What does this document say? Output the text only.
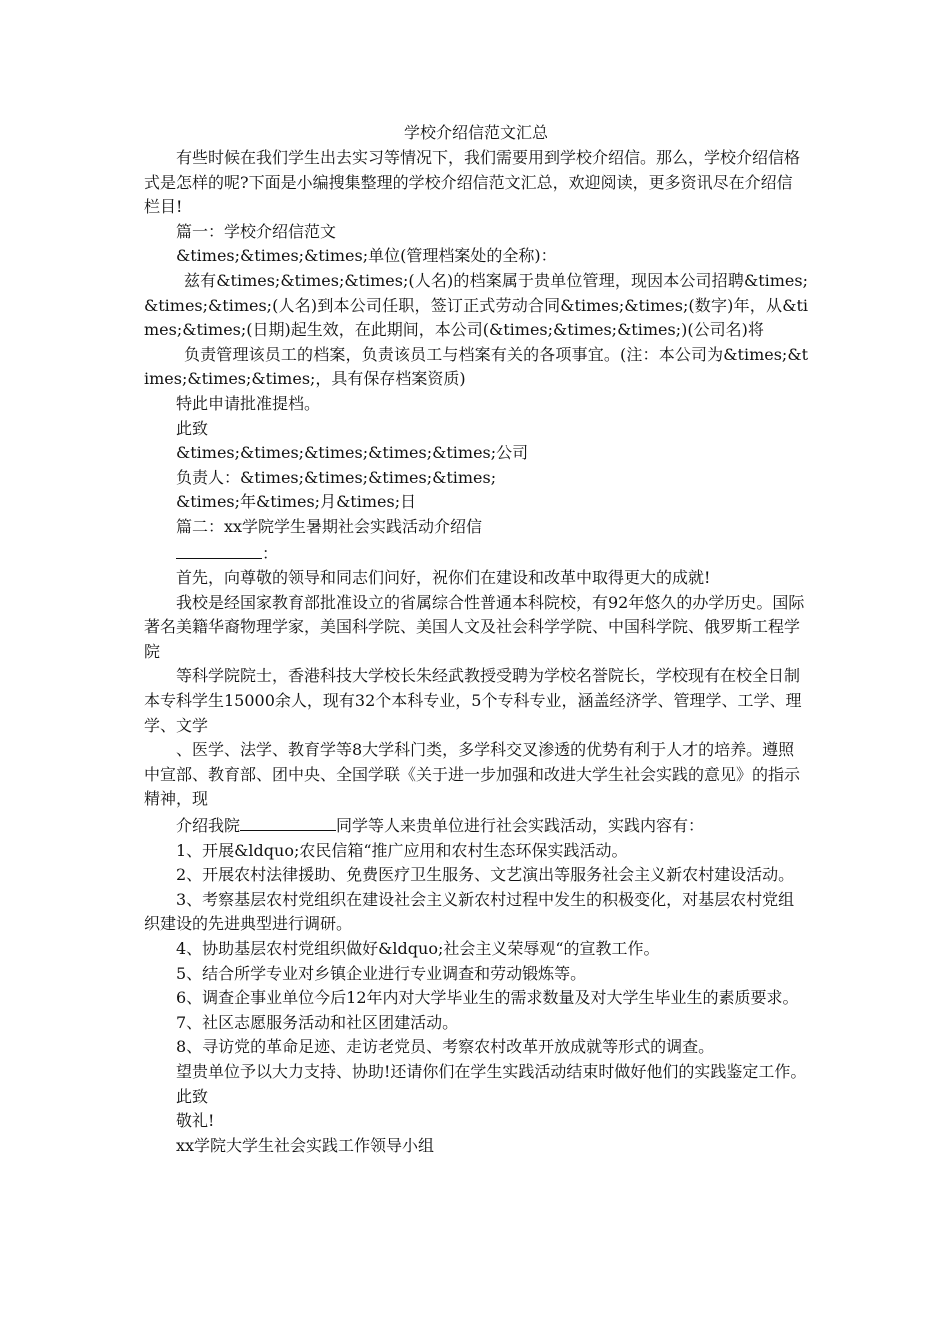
学校介绍信范文汇总

有些时候在我们学生出去实习等情况下，我们需要用到学校介绍信。那么，学校介绍信格式是怎样的呢?下面是小编搜集整理的学校介绍信范文汇总，欢迎阅读，更多资讯尽在介绍信栏目!

篇一：学校介绍信范文

&times;&times;&times;单位(管理档案处的全称)：

兹有&times;&times;&times;(人名)的档案属于贵单位管理，现因本公司招聘&times;&times;&times;(人名)到本公司任职，签订正式劳动合同&times;&times;(数字)年，从&times;&times;(日期)起生效，在此期间，本公司(&times;&times;&times;)(公司名)将

负责管理该员工的档案，负责该员工与档案有关的各项事宜。(注：本公司为&times;&times;&times;&times;，具有保存档案资质)

特此申请批准提档。

此致

&times;&times;&times;&times;&times;公司

负责人：&times;&times;&times;&times;

&times;年&times;月&times;日

篇二：xx学院学生暑期社会实践活动介绍信

：

首先，向尊敬的领导和同志们问好，祝你们在建设和改革中取得更大的成就!

我校是经国家教育部批准设立的省属综合性普通本科院校，有92年悠久的办学历史。国际著名美籍华裔物理学家，美国科学院、美国人文及社会科学学院、中国科学院、俄罗斯工程学院

等科学院院士，香港科技大学校长朱经武教授受聘为学校名誉院长，学校现有在校全日制本专科学生15000余人，现有32个本科专业，5个专科专业，涵盖经济学、管理学、工学、理学、文学

、医学、法学、教育学等8大学科门类，多学科交叉渗透的优势有利于人才的培养。遵照中宣部、教育部、团中央、全国学联《关于进一步加强和改进大学生社会实践的意见》的指示精神，现

介绍我院	同学等人来贵单位进行社会实践活动，实践内容有：

1、开展&ldquo;农民信箱“推广应用和农村生态环保实践活动。

2、开展农村法律援助、免费医疗卫生服务、文艺演出等服务社会主义新农村建设活动。

3、考察基层农村党组织在建设社会主义新农村过程中发生的积极变化，对基层农村党组织建设的先进典型进行调研。

4、协助基层农村党组织做好&ldquo;社会主义荣辱观“的宣教工作。

5、结合所学专业对乡镇企业进行专业调查和劳动锻炼等。

6、调查企事业单位今后12年内对大学毕业生的需求数量及对大学生毕业生的素质要求。

7、社区志愿服务活动和社区团建活动。

8、寻访党的革命足迹、走访老党员、考察农村改革开放成就等形式的调查。

望贵单位予以大力支持、协助!还请你们在学生实践活动结束时做好他们的实践鉴定工作。

此致

敬礼!

xx学院大学生社会实践工作领导小组
